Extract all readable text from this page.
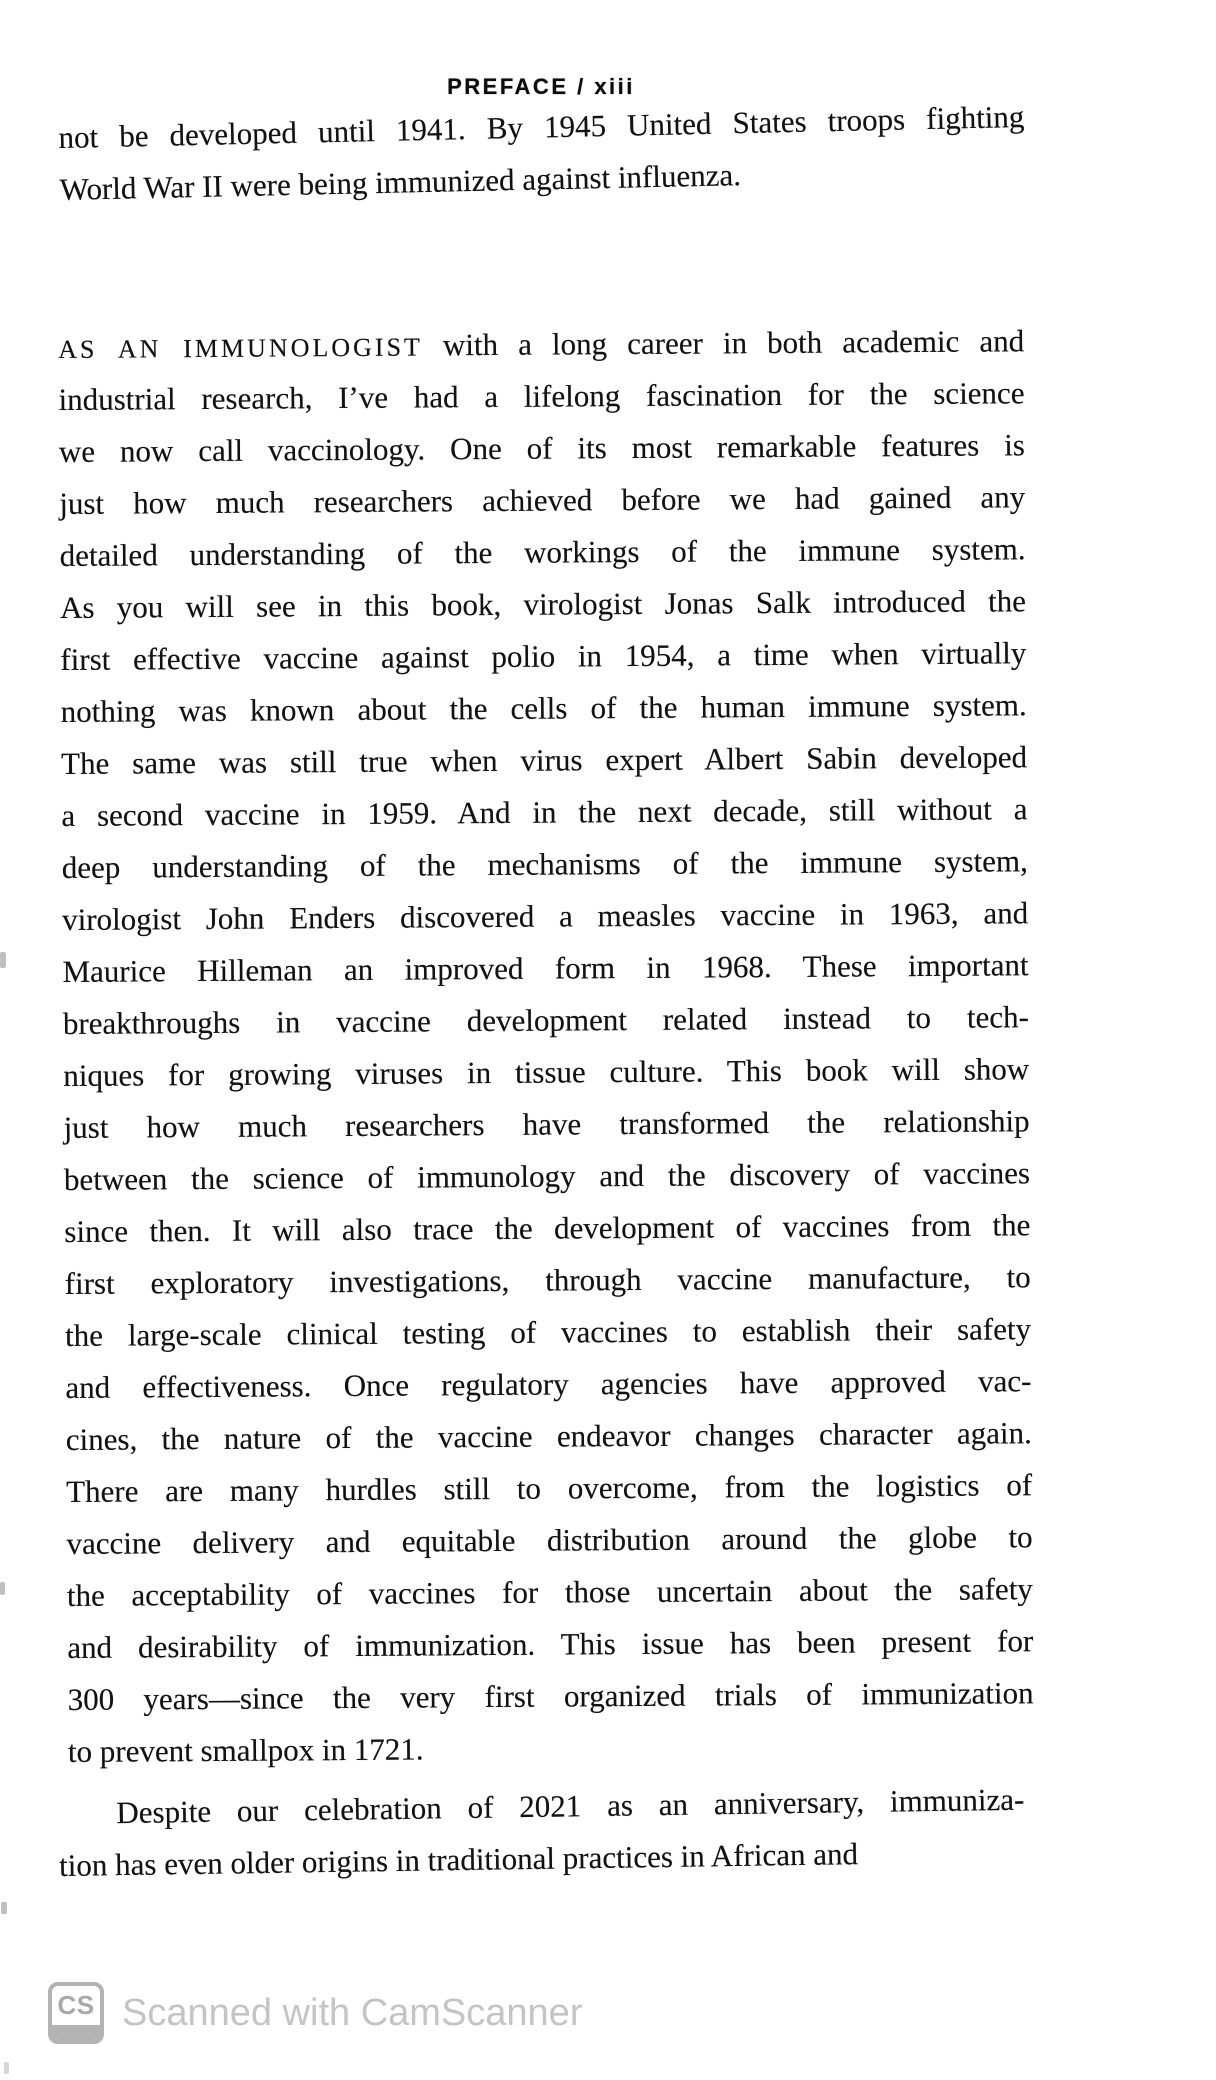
PREFACE / xiii
not be developed until 1941. By 1945 United States troops fighting
World War II were being immunized against influenza.
AS AN IMMUNOLOGIST with a long career in both academic and
industrial research, I’ve had a lifelong fascination for the science
we now call vaccinology. One of its most remarkable features is
just how much researchers achieved before we had gained any
detailed understanding of the workings of the immune system.
As you will see in this book, virologist Jonas Salk introduced the
first effective vaccine against polio in 1954, a time when virtually
nothing was known about the cells of the human immune system.
The same was still true when virus expert Albert Sabin developed
a second vaccine in 1959. And in the next decade, still without a
deep understanding of the mechanisms of the immune system,
virologist John Enders discovered a measles vaccine in 1963, and
Maurice Hilleman an improved form in 1968. These important
breakthroughs in vaccine development related instead to tech-
niques for growing viruses in tissue culture. This book will show
just how much researchers have transformed the relationship
between the science of immunology and the discovery of vaccines
since then. It will also trace the development of vaccines from the
first exploratory investigations, through vaccine manufacture, to
the large-scale clinical testing of vaccines to establish their safety
and effectiveness. Once regulatory agencies have approved vac-
cines, the nature of the vaccine endeavor changes character again.
There are many hurdles still to overcome, from the logistics of
vaccine delivery and equitable distribution around the globe to
the acceptability of vaccines for those uncertain about the safety
and desirability of immunization. This issue has been present for
300 years—since the very first organized trials of immunization
to prevent smallpox in 1721.
Despite our celebration of 2021 as an anniversary, immuniza-
tion has even older origins in traditional practices in African and
CS Scanned with CamScanner
